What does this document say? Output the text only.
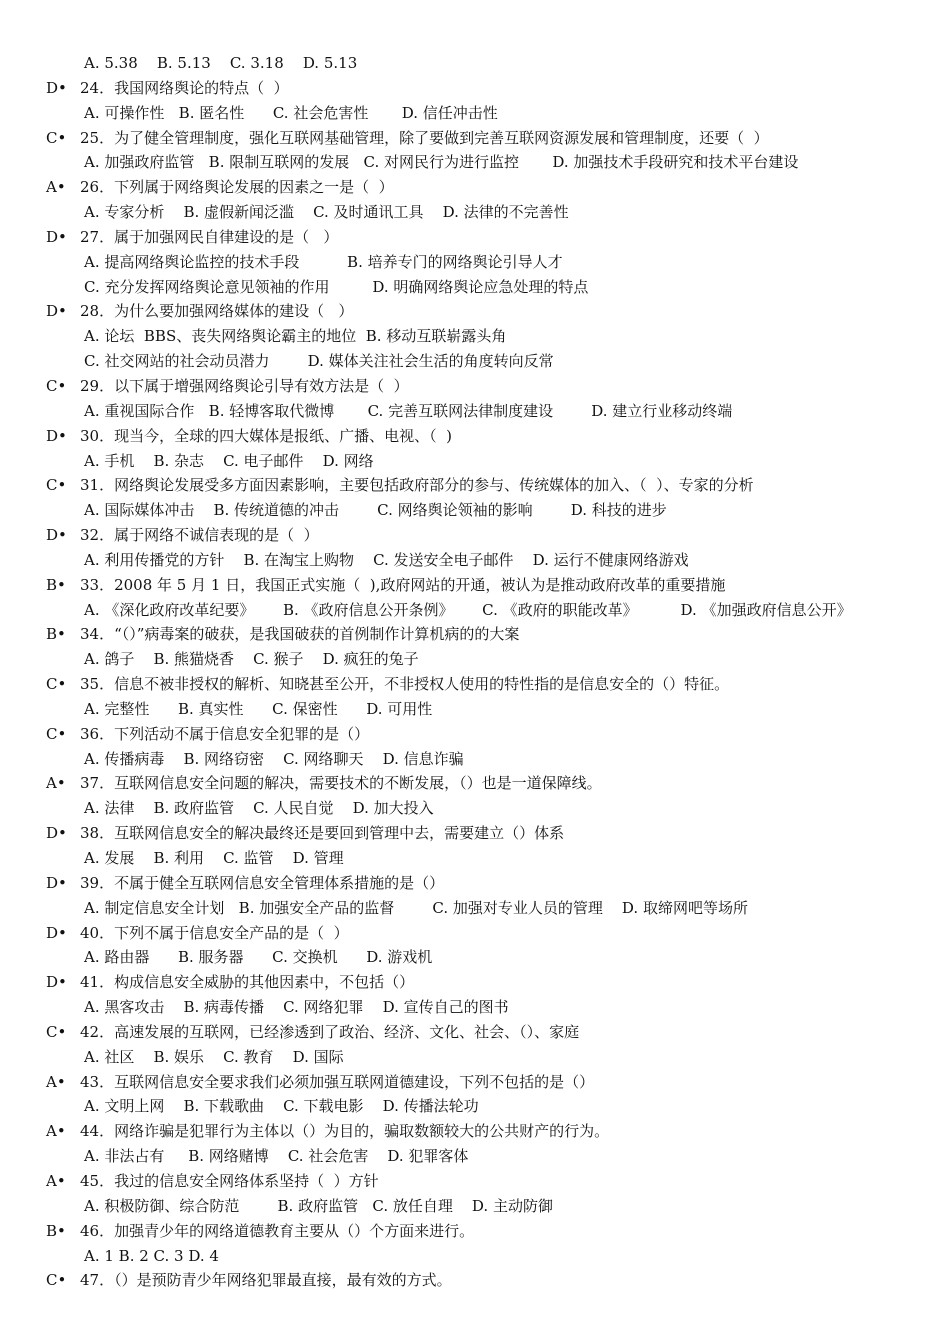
A. 5.38    B. 5.13    C. 3.18    D. 5.13
D• 24．我国网络舆论的特点（  ）
A. 可操作性   B. 匿名性      C. 社会危害性       D. 信任冲击性
C• 25．为了健全管理制度，强化互联网基础管理，除了要做到完善互联网资源发展和管理制度，还要（  ）
A. 加强政府监管   B. 限制互联网的发展   C. 对网民行为进行监控       D. 加强技术手段研究和技术平台建设
A• 26．下列属于网络舆论发展的因素之一是（  ）
A. 专家分析    B. 虚假新闻泛滥    C. 及时通讯工具    D. 法律的不完善性
D• 27．属于加强网民自律建设的是（   ）
A. 提高网络舆论监控的技术手段          B. 培养专门的网络舆论引导人才
C. 充分发挥网络舆论意见领袖的作用         D. 明确网络舆论应急处理的特点
D• 28．为什么要加强网络媒体的建设（   ）
A. 论坛  BBS、丧失网络舆论霸主的地位  B. 移动互联崭露头角
C. 社交网站的社会动员潜力        D. 媒体关注社会生活的角度转向反常
C• 29．以下属于增强网络舆论引导有效方法是（  ）
A. 重视国际合作   B. 轻博客取代微博       C. 完善互联网法律制度建设        D. 建立行业移动终端
D• 30．现当今，全球的四大媒体是报纸、广播、电视、（  )
A. 手机    B. 杂志    C. 电子邮件    D. 网络
C• 31．网络舆论发展受多方面因素影响，主要包括政府部分的参与、传统媒体的加入、（  ）、专家的分析
A. 国际媒体冲击    B. 传统道德的冲击        C. 网络舆论领袖的影响        D. 科技的进步
D• 32．属于网络不诚信表现的是（  ）
A. 利用传播党的方针    B. 在淘宝上购物    C. 发送安全电子邮件    D. 运行不健康网络游戏
B• 33．2008 年 5 月 1 日，我国正式实施（  ),政府网站的开通，被认为是推动政府改革的重要措施
A. 《深化政府改革纪要》      B. 《政府信息公开条例》      C. 《政府的职能改革》         D. 《加强政府信息公开》
B• 34．“（）”病毒案的破获，是我国破获的首例制作计算机病的的大案
A. 鸽子    B. 熊猫烧香    C. 猴子    D. 疯狂的兔子
C• 35．信息不被非授权的解析、知晓甚至公开，不非授权人使用的特性指的是信息安全的（）特征。
A. 完整性      B. 真实性      C. 保密性      D. 可用性
C• 36．下列活动不属于信息安全犯罪的是（）
A. 传播病毒    B. 网络窃密    C. 网络聊天    D. 信息诈骗
A• 37．互联网信息安全问题的解决，需要技术的不断发展，（）也是一道保障线。
A. 法律    B. 政府监管    C. 人民自觉    D. 加大投入
D• 38．互联网信息安全的解决最终还是要回到管理中去，需要建立（）体系
A. 发展    B. 利用    C. 监管    D. 管理
D• 39．不属于健全互联网信息安全管理体系措施的是（）
A. 制定信息安全计划   B. 加强安全产品的监督        C. 加强对专业人员的管理    D. 取缔网吧等场所
D• 40．下列不属于信息安全产品的是（  ）
A. 路由器      B. 服务器      C. 交换机      D. 游戏机
D• 41．构成信息安全威胁的其他因素中，不包括（）
A. 黑客攻击    B. 病毒传播    C. 网络犯罪    D. 宣传自己的图书
C• 42．高速发展的互联网，已经渗透到了政治、经济、文化、社会、（）、家庭
A. 社区    B. 娱乐    C. 教育    D. 国际
A• 43．互联网信息安全要求我们必须加强互联网道德建设，下列不包括的是（）
A. 文明上网    B. 下载歌曲    C. 下载电影    D. 传播法轮功
A• 44．网络诈骗是犯罪行为主体以（）为目的，骗取数额较大的公共财产的行为。
A. 非法占有     B. 网络赌博    C. 社会危害    D. 犯罪客体
A• 45．我过的信息安全网络体系坚持（  ）方针
A. 积极防御、综合防范        B. 政府监管   C. 放任自理    D. 主动防御
B• 46．加强青少年的网络道德教育主要从（）个方面来进行。
A. 1 B. 2 C. 3 D. 4
C• 47．（）是预防青少年网络犯罪最直接，最有效的方式。
